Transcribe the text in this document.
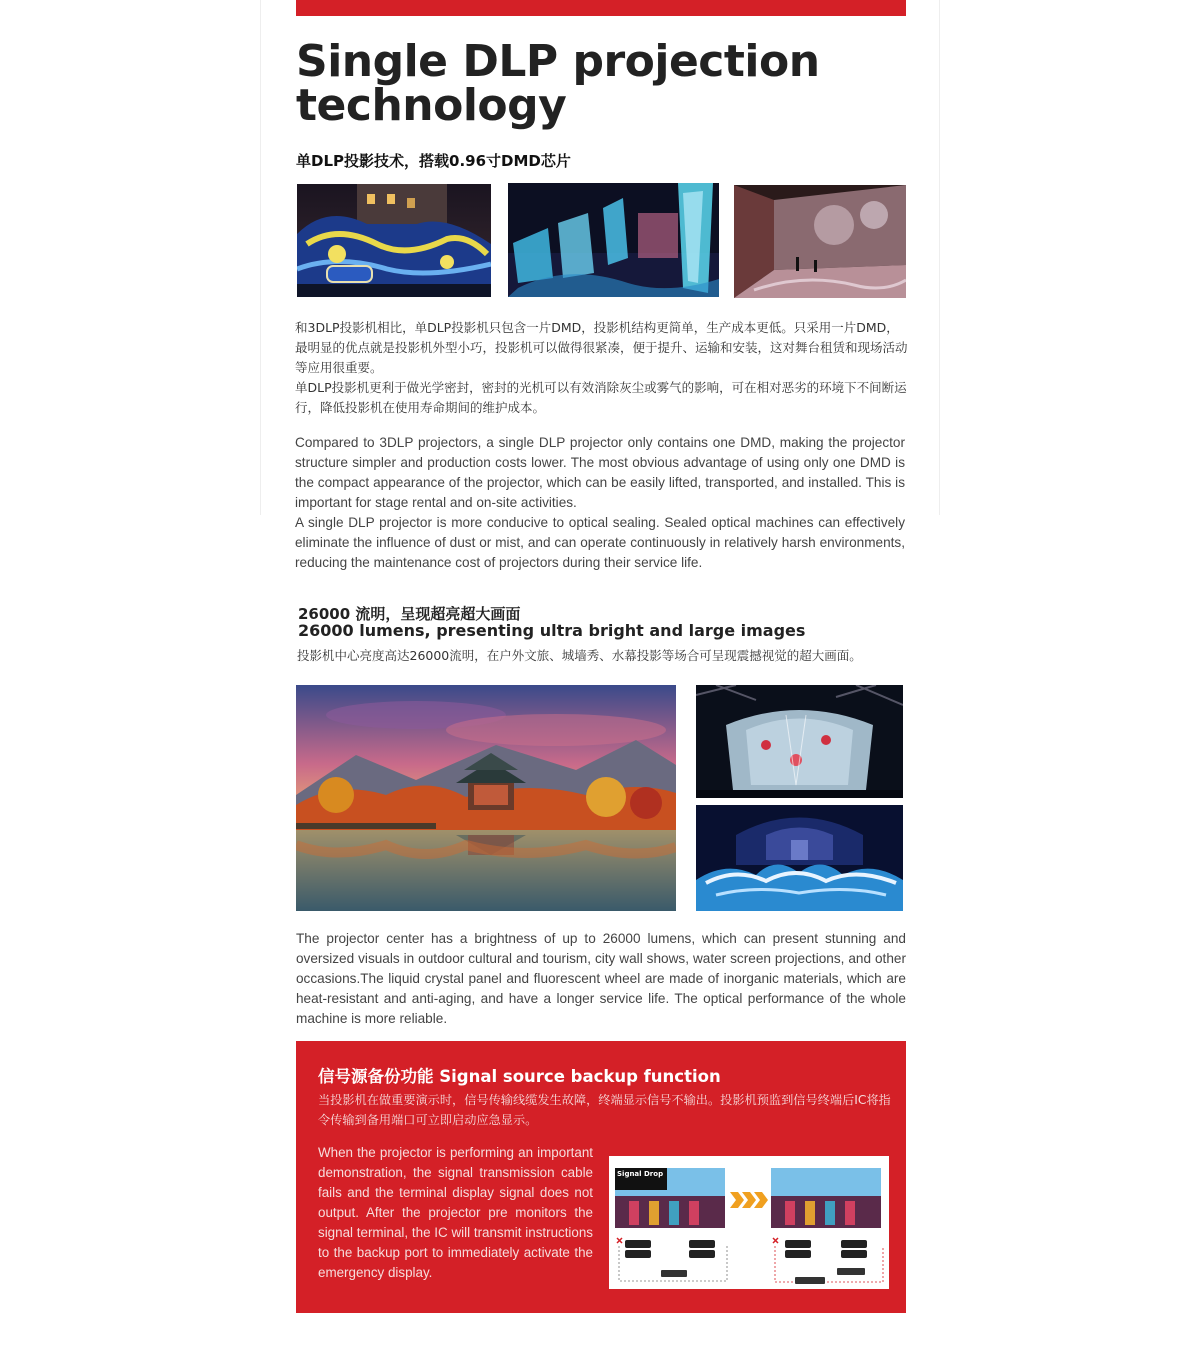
Single DLP projection
technology
单DLP投影技术，搭载0.96寸DMD芯片

和3DLP投影机相比，单DLP投影机只包含一片DMD，投影机结构更简单，生产成本更低。只采用一片DMD，最明显的优点就是投影机外型小巧，投影机可以做得很紧凑，便于提升、运输和安装，这对舞台租赁和现场活动等应用很重要。

单DLP投影机更利于做光学密封，密封的光机可以有效消除灰尘或雾气的影响，可在相对恶劣的环境下不间断运行，降低投影机在使用寿命期间的维护成本。

Compared to 3DLP projectors, a single DLP projector only contains one DMD, making the projector structure simpler and production costs lower. The most obvious advantage of using only one DMD is the compact appearance of the projector, which can be easily lifted, transported, and installed. This is important for stage rental and on-site activities.

A single DLP projector is more conducive to optical sealing. Sealed optical machines can effectively eliminate the influence of dust or mist, and can operate continuously in relatively harsh environments, reducing the maintenance cost of projectors during their service life.

26000 流明，呈现超亮超大画面
26000 lumens, presenting ultra bright and large images
投影机中心亮度高达26000流明，在户外文旅、城墙秀、水幕投影等场合可呈现震撼视觉的超大画面。

The projector center has a brightness of up to 26000 lumens, which can present stunning and oversized visuals in outdoor cultural and tourism, city wall shows, water screen projections, and other occasions.The liquid crystal panel and fluorescent wheel are made of inorganic materials, which are heat-resistant and anti-aging, and have a longer service life. The optical performance of the whole machine is more reliable.

信号源备份功能 Signal source backup function
当投影机在做重要演示时，信号传输线缆发生故障，终端显示信号不输出。投影机预监到信号终端后IC将指令传输到备用端口可立即启动应急显示。
When the projector is performing an important demonstration, the signal transmission cable fails and the terminal display signal does not output. After the projector pre monitors the signal terminal, the IC will transmit instructions to the backup port to immediately activate the emergency display.
Signal Drop
